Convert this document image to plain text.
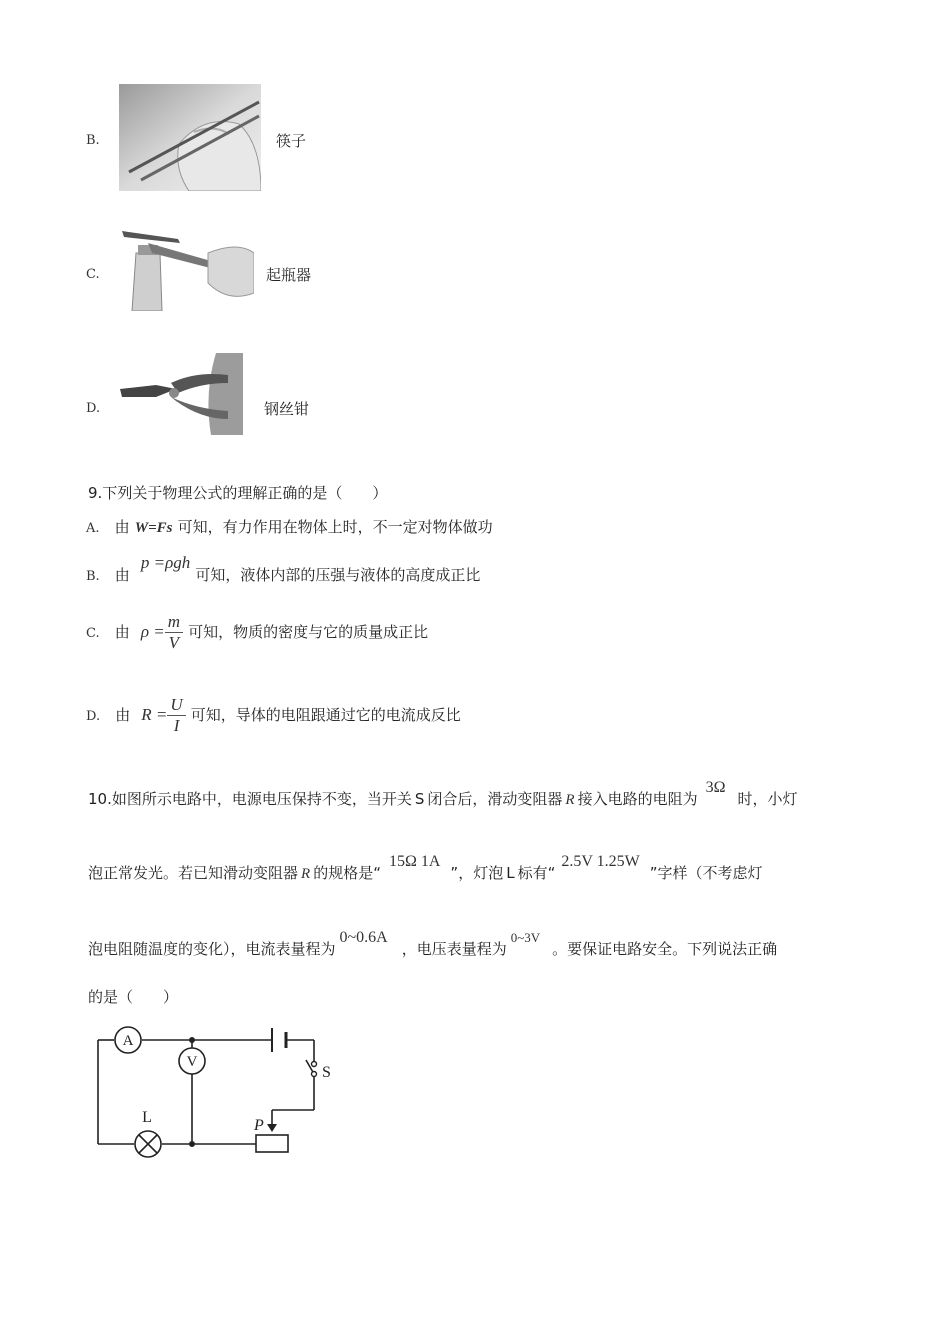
B.	筷子
C.	起瓶器
D.	钢丝钳
9.下列关于物理公式的理解正确的是（　　）
A. 由 W=Fs 可知，有力作用在物体上时，不一定对物体做功
B. 由 p =ρgh 可知，液体内部的压强与液体的高度成正比
C. 由 $\rho = \frac{m}{V}$ 可知，物质的密度与它的质量成正比
D. 由 $R = \frac{U}{I}$ 可知，导体的电阻跟通过它的电流成反比
10.如图所示电路中，电源电压保持不变，当开关 S 闭合后，滑动变阻器 R 接入电路的电阻为3Ω时，小灯
泡正常发光。若已知滑动变阻器 R 的规格是“15Ω 1A”，灯泡 L 标有“2.5V 1.25W”字样（不考虑灯
泡电阻随温度的变化），电流表量程为0~0.6A，电压表量程为$^{0\sim 3V}$。要保证电路安全。下列说法正确
的是（　　）
A
V
L
S
P
